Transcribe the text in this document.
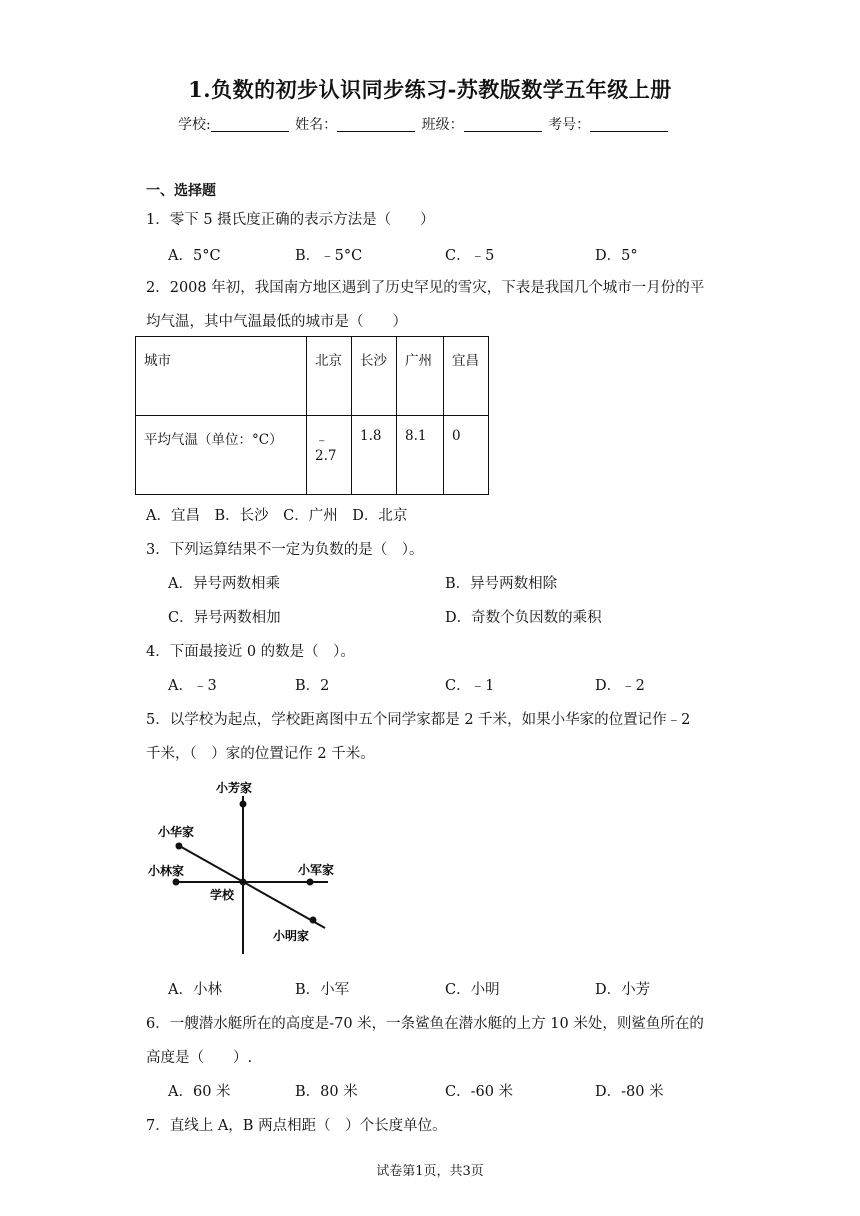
1.负数的初步认识同步练习-苏教版数学五年级上册
学校:	姓名：	班级：	考号：
一、选择题
1．零下 5 摄氏度正确的表示方法是（　　）
A．5°C	B．﹣5°C	C．﹣5	D．5°
2．2008 年初，我国南方地区遇到了历史罕见的雪灾，下表是我国几个城市一月份的平
均气温，其中气温最低的城市是（　　）
城市	北京	长沙	广州	宜昌
平均气温（单位：°C）	﹣2.7	1.8	8.1	0
A．宜昌　B．长沙　C．广州　D．北京
3．下列运算结果不一定为负数的是（　）。
A．异号两数相乘	B．异号两数相除
C．异号两数相加	D．奇数个负因数的乘积
4．下面最接近 0 的数是（　）。
A．﹣3	B．2	C．﹣1	D．﹣2
5．以学校为起点，学校距离图中五个同学家都是 2 千米，如果小华家的位置记作﹣2
千米，（　）家的位置记作 2 千米。
小芳家
小华家
小林家	小军家
学校
小明家
A．小林	B．小军	C．小明	D．小芳
6．一艘潜水艇所在的高度是-70 米，一条鲨鱼在潜水艇的上方 10 米处，则鲨鱼所在的
高度是（　　）.
A．60 米	B．80 米	C．-60 米	D．-80 米
7．直线上 A，B 两点相距（　）个长度单位。
试卷第1页，共3页
